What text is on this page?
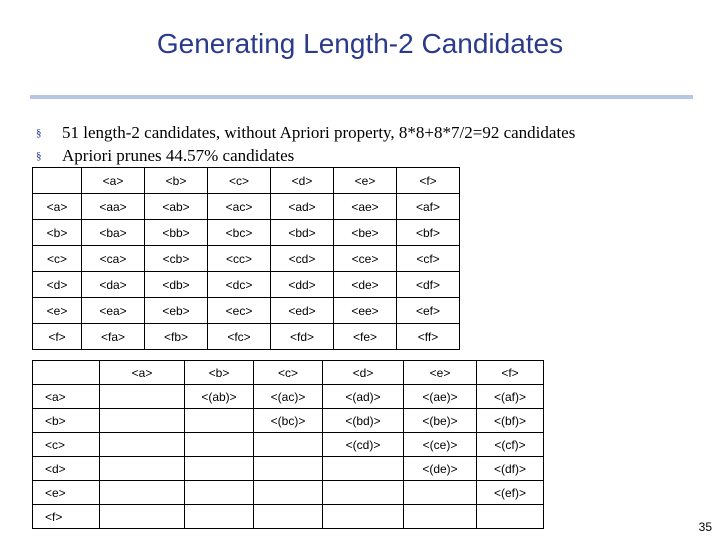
Generating Length-2 Candidates
§ 51 length-2 candidates, without Apriori property, 8*8+8*7/2=92 candidates
§ Apriori prunes 44.57% candidates
	<a>	<b>	<c>	<d>	<e>	<f>
<a>	<aa>	<ab>	<ac>	<ad>	<ae>	<af>
<b>	<ba>	<bb>	<bc>	<bd>	<be>	<bf>
<c>	<ca>	<cb>	<cc>	<cd>	<ce>	<cf>
<d>	<da>	<db>	<dc>	<dd>	<de>	<df>
<e>	<ea>	<eb>	<ec>	<ed>	<ee>	<ef>
<f>	<fa>	<fb>	<fc>	<fd>	<fe>	<ff>
	<a>	<b>	<c>	<d>	<e>	<f>
<a>		<(ab)>	<(ac)>	<(ad)>	<(ae)>	<(af)>
<b>			<(bc)>	<(bd)>	<(be)>	<(bf)>
<c>				<(cd)>	<(ce)>	<(cf)>
<d>					<(de)>	<(df)>
<e>						<(ef)>
<f>						
35
